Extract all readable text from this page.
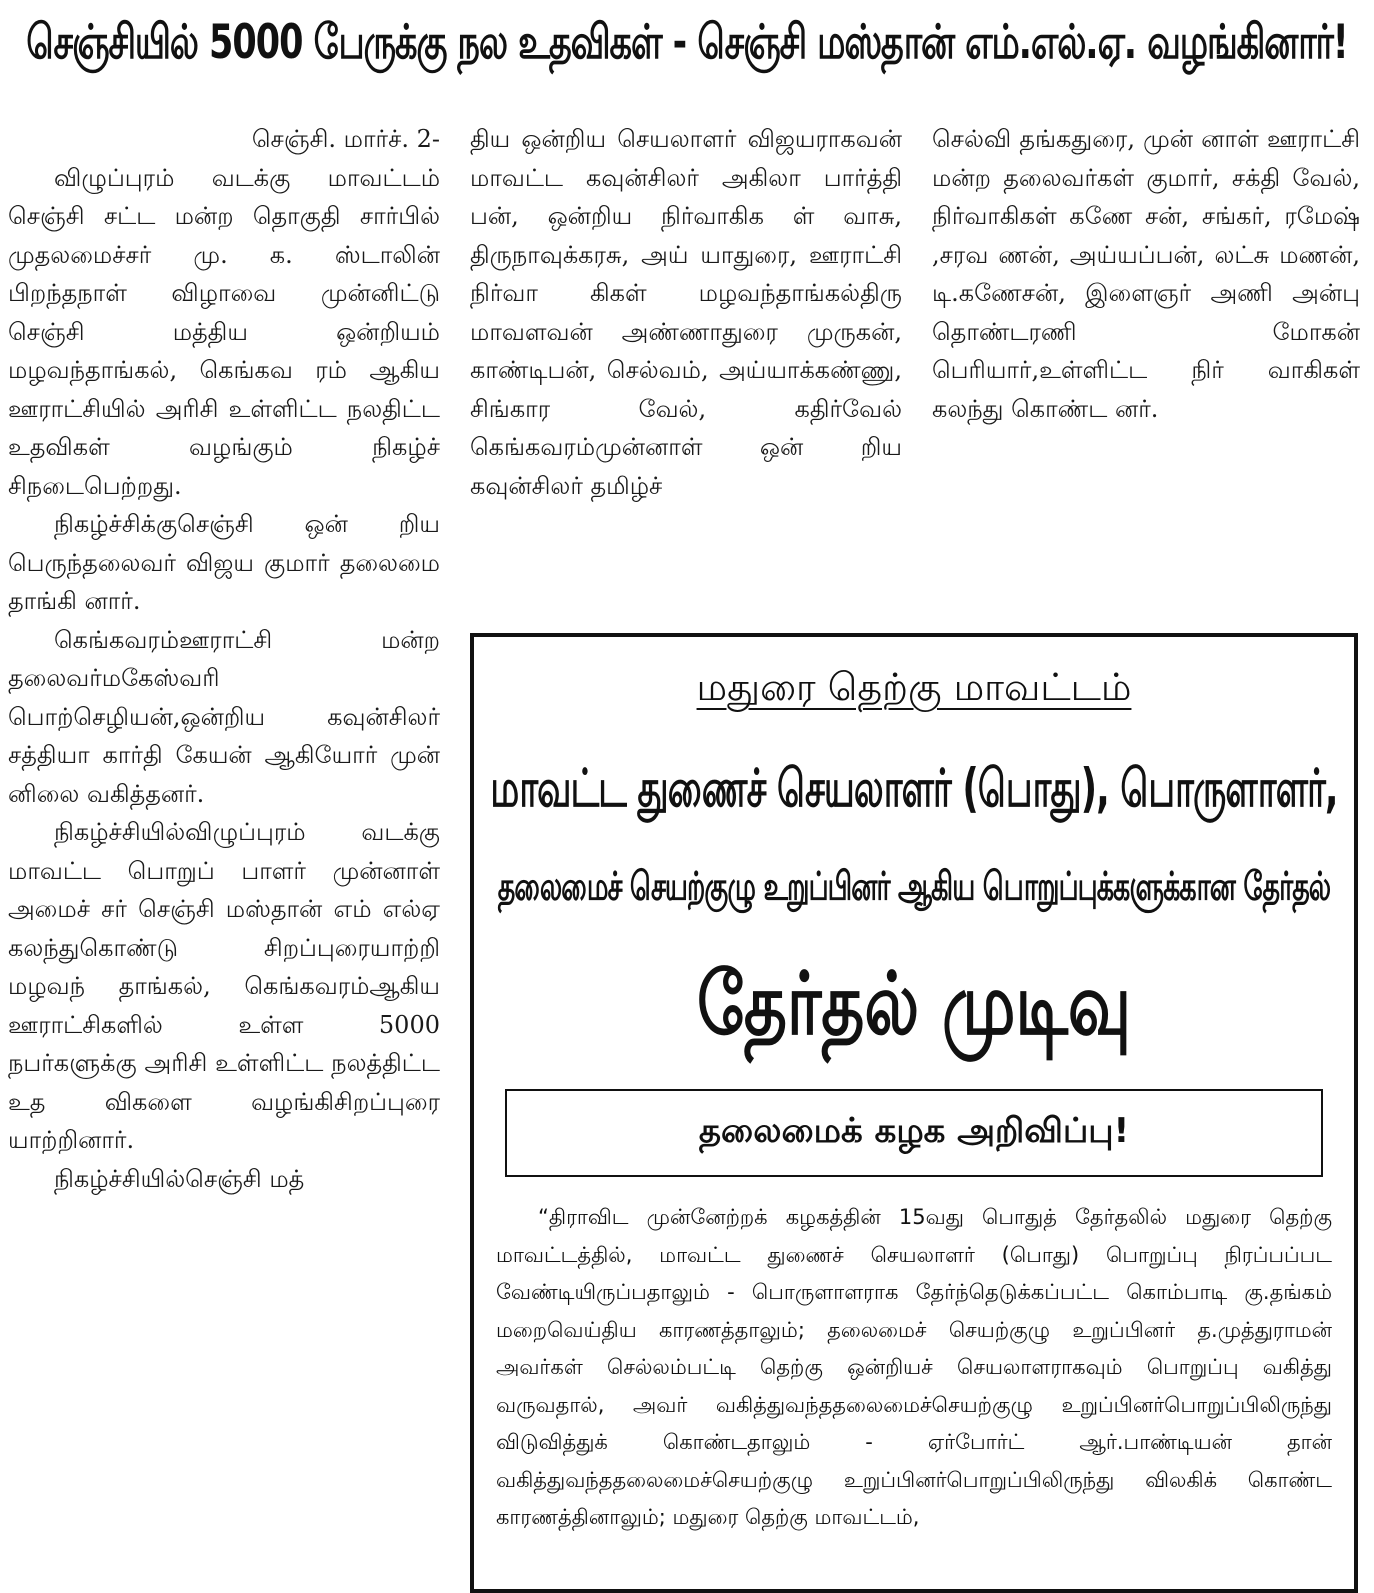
செஞ்சியில் 5000 பேருக்கு நல உதவிகள் - செஞ்சி மஸ்தான் எம்.எல்.ஏ. வழங்கினார்!

செஞ்சி. மார்ச். 2-

விழுப்புரம் வடக்கு மாவட்டம் செஞ்சி சட்ட மன்ற தொகுதி சார்பில் முதலமைச்சர் மு. க. ஸ்டாலின் பிறந்தநாள் விழாவை முன்னிட்டு செஞ்சி மத்திய ஒன்றியம் மழவந்தாங்கல், கெங்கவ ரம் ஆகிய ஊராட்சியில் அரிசி உள்ளிட்ட நலதிட்ட உதவிகள் வழங்கும் நிகழ்ச் சிநடைபெற்றது.

நிகழ்ச்சிக்குசெஞ்சி ஒன் றிய பெருந்தலைவர் விஜய குமார் தலைமை தாங்கி னார்.

கெங்கவரம்ஊராட்சி மன்ற தலைவர்மகேஸ்வரி பொற்செழியன்,ஒன்றிய கவுன்சிலர் சத்தியா கார்தி கேயன் ஆகியோர் முன் னிலை வகித்தனர்.

நிகழ்ச்சியில்விழுப்புரம் வடக்கு மாவட்ட பொறுப் பாளர் முன்னாள் அமைச் சர் செஞ்சி மஸ்தான் எம் எல்ஏ கலந்துகொண்டு சிறப்புரையாற்றி மழவந் தாங்கல், கெங்கவரம்ஆகிய ஊராட்சிகளில் உள்ள 5000 நபர்களுக்கு அரிசி உள்ளிட்ட நலத்திட்ட உத விகளை வழங்கிசிறப்புரை யாற்றினார்.

நிகழ்ச்சியில்செஞ்சி மத்

திய ஒன்றிய செயலாளர் விஜயராகவன் மாவட்ட கவுன்சிலர் அகிலா பார்த்தி பன், ஒன்றிய நிர்வாகிக ள் வாசு, திருநாவுக்கரசு, அய் யாதுரை, ஊராட்சி நிர்வா கிகள் மழவந்தாங்கல்திரு மாவளவன் அண்ணாதுரை முருகன், காண்டிபன், செல்வம், அய்யாக்கண்ணு, சிங்கார வேல், கதிர்வேல் கெங்கவரம்முன்னாள் ஒன் றிய கவுன்சிலர் தமிழ்ச்

செல்வி தங்கதுரை, முன் னாள் ஊராட்சி மன்ற தலைவர்கள் குமார், சக்தி வேல், நிர்வாகிகள் கணே சன், சங்கர், ரமேஷ் ,சரவ ணன், அய்யப்பன், லட்சு மணன், டி.கணேசன், இளைஞர் அணி அன்பு தொண்டரணி மோகன் பெரியார்,உள்ளிட்ட நிர் வாகிகள் கலந்து கொண்ட னர்.

மதுரை தெற்கு மாவட்டம்
மாவட்ட துணைச் செயலாளர் (பொது), பொருளாளர்,
தலைமைச் செயற்குழு உறுப்பினர் ஆகிய பொறுப்புக்களுக்கான தேர்தல்
தேர்தல் முடிவு
தலைமைக் கழக அறிவிப்பு!

“திராவிட முன்னேற்றக் கழகத்தின் 15வது பொதுத் தேர்தலில் மதுரை தெற்கு மாவட்டத்தில், மாவட்ட துணைச் செயலாளர் (பொது) பொறுப்பு நிரப்பப்பட வேண்டியிருப்பதாலும் - பொருளாளராக தேர்ந்தெடுக்கப்பட்ட கொம்பாடி கு.தங்கம் மறைவெய்திய காரணத்தாலும்; தலைமைச் செயற்குழு உறுப்பினர் த.முத்துராமன் அவர்கள் செல்லம்பட்டி தெற்கு ஒன்றியச் செயலாளராகவும் பொறுப்பு வகித்து வருவதால், அவர் வகித்துவந்ததலைமைச்செயற்குழு உறுப்பினர்பொறுப்பிலிருந்து விடுவித்துக் கொண்டதாலும் - ஏர்போர்ட் ஆர்.பாண்டியன் தான் வகித்துவந்ததலைமைச்செயற்குழு உறுப்பினர்பொறுப்பிலிருந்து விலகிக் கொண்ட காரணத்தினாலும்; மதுரை தெற்கு மாவட்டம்,
